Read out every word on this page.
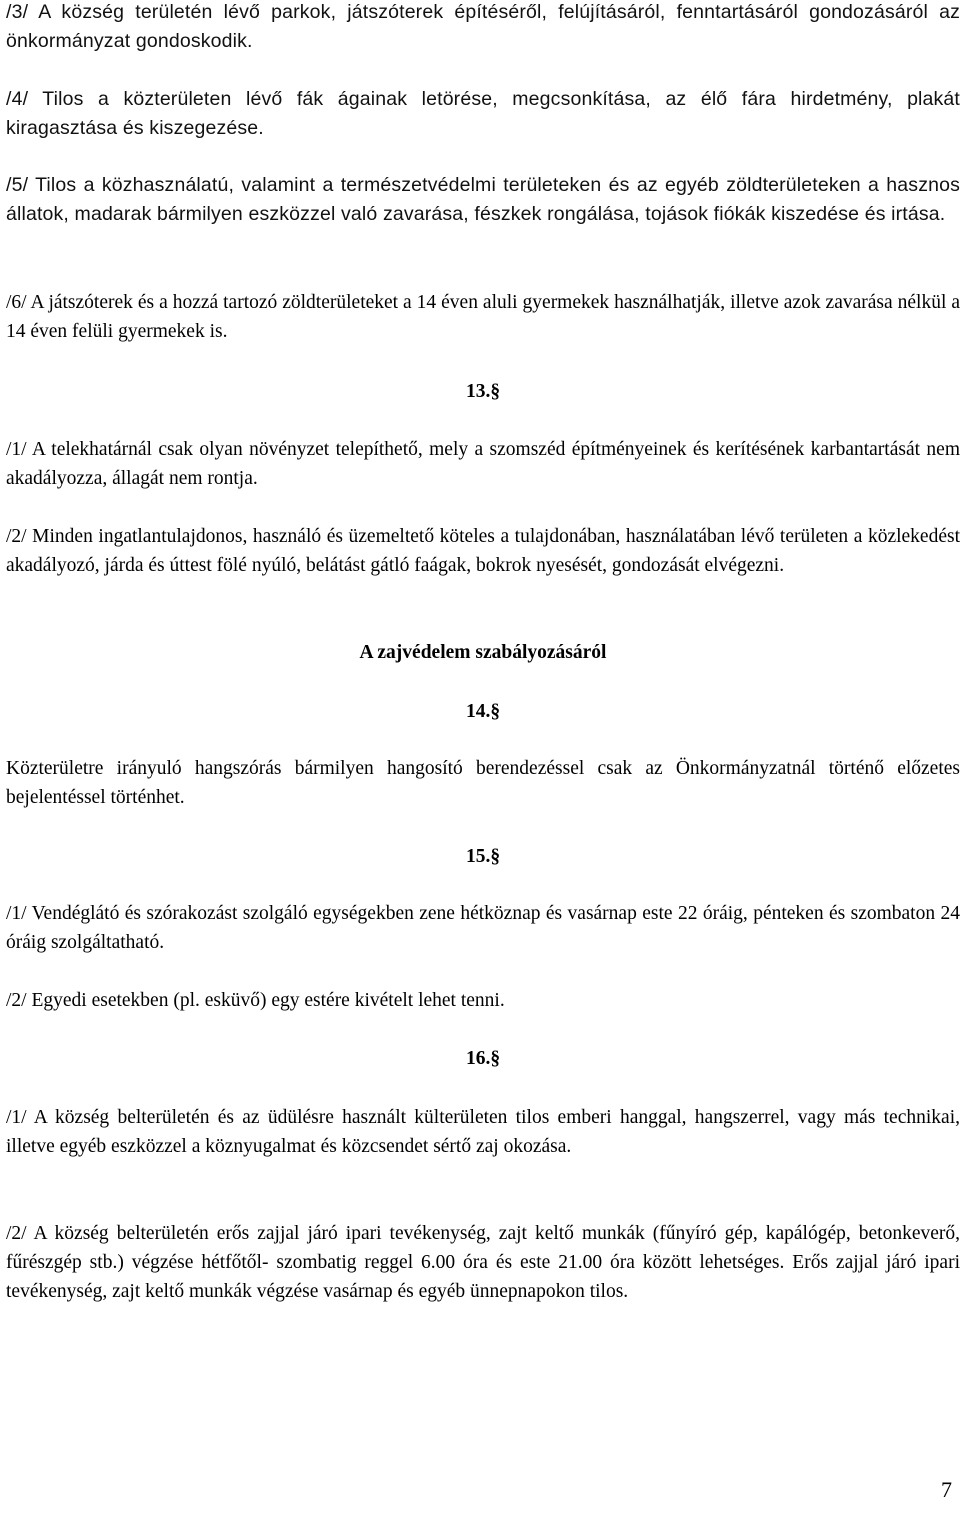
/3/ A község területén lévő parkok, játszóterek építéséről, felújításáról, fenntartásáról gondozásáról az önkormányzat gondoskodik.

/4/ Tilos a közterületen lévő fák ágainak letörése, megcsonkítása, az élő fára hirdetmény, plakát kiragasztása és kiszegezése.

/5/ Tilos a közhasználatú, valamint a természetvédelmi területeken és az egyéb zöldterületeken a hasznos állatok, madarak bármilyen eszközzel való zavarása, fészkek rongálása, tojások fiókák kiszedése és irtása.

/6/ A játszóterek és a hozzá tartozó zöldterületeket a 14 éven aluli gyermekek használhatják, illetve azok zavarása nélkül a 14 éven felüli gyermekek is.

13.§

/1/ A telekhatárnál csak olyan növényzet telepíthető, mely a szomszéd építményeinek és kerítésének karbantartását nem akadályozza, állagát nem rontja.

/2/ Minden ingatlantulajdonos, használó és üzemeltető köteles a tulajdonában, használatában lévő területen a közlekedést akadályozó, járda és úttest fölé nyúló, belátást gátló faágak, bokrok nyesését, gondozását elvégezni.

A zajvédelem szabályozásáról

14.§

Közterületre irányuló hangszórás bármilyen hangosító berendezéssel csak az Önkormányzatnál történő előzetes bejelentéssel történhet.

15.§

/1/ Vendéglátó és szórakozást szolgáló egységekben zene hétköznap és vasárnap este 22 óráig, pénteken és szombaton 24 óráig szolgáltatható.

/2/ Egyedi esetekben (pl. esküvő) egy estére kivételt lehet tenni.

16.§

/1/ A község belterületén és az üdülésre használt külterületen tilos emberi hanggal, hangszerrel, vagy más technikai, illetve egyéb eszközzel a köznyugalmat és közcsendet sértő zaj okozása.

/2/ A község belterületén erős zajjal járó ipari tevékenység, zajt keltő munkák (fűnyíró gép, kapálógép, betonkeverő, fűrészgép stb.) végzése hétfőtől- szombatig reggel 6.00 óra és este 21.00 óra között lehetséges. Erős zajjal járó ipari tevékenység, zajt keltő munkák végzése vasárnap és egyéb ünnepnapokon tilos.

7
